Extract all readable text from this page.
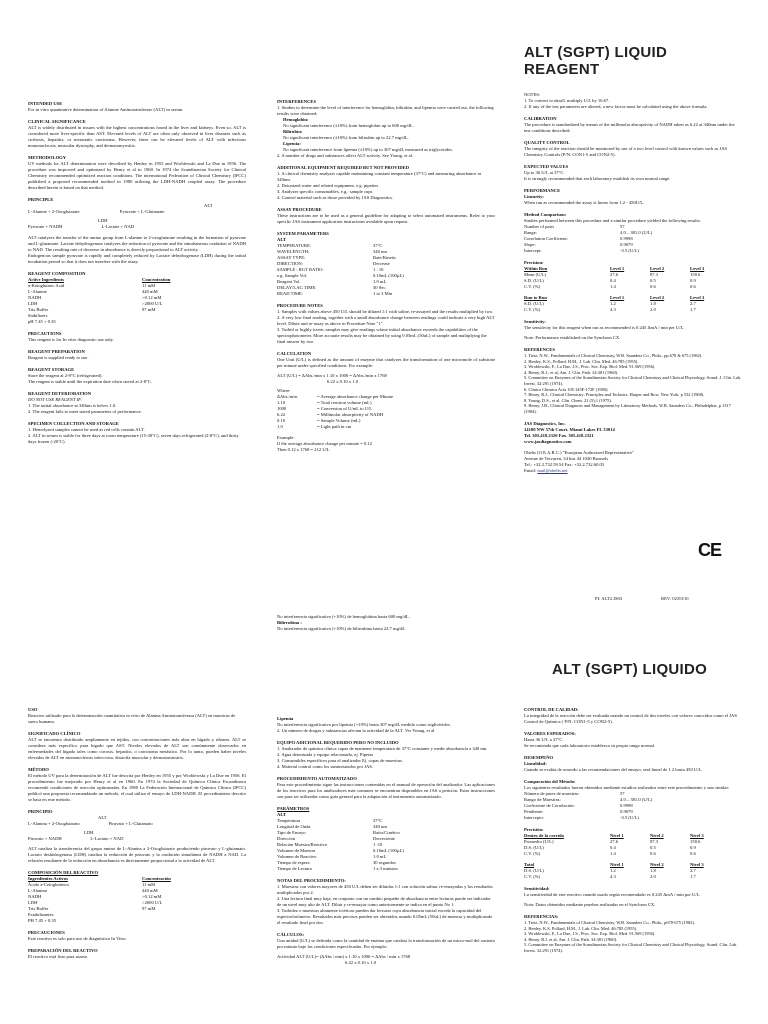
ALT (SGPT) LIQUID REAGENT

INTENDED USE

For in vitro quantitative determination of Alanine Aminotransferase (ALT) in serum.

CLINICAL SIGNIFICANCE

ALT is widely distributed in tissues with the highest concentrations found in the liver and kidneys. Even so, ALT is considered more liver-specific than AST. Elevated levels of ALT are often only observed in liver diseases such as cirrhosis, hepatitis, or metastatic carcinoma. However, there can be elevated levels of ALT with infectious mononucleosis, muscular dystrophy, and dermatomyositis.

METHODOLOGY

UV methods for ALT determination were described by Henley in 1955 and Wroblewski and La Due in 1956. The procedure was improved and optimized by Henry et al in 1960. In 1974 the Scandinavian Society for Clinical Chemistry recommended optimized reaction conditions. The international Federation of Clinical Chemistry (IFCC) published a proposed recommended method in 1980 utilizing the LDH-NADH coupled assay. The procedure described herein is based on that method.

PRINCIPLE

ALT

L-Alanine + 2-Oxoglutarate                                   Pyruvate + L-Glutamate

LDH

Pyruvate + NADH                                  L-Lactate + NAD

ALT catalyzes the transfer of the amino group from L-alanine to 2-oxoglutarate resulting in the formation of pyruvate and L-glutamate. Lactate dehydrogenase catalyzes the reduction of pyruvate and the simultaneous oxidation of NADH to NAD. The resulting rate of decrease in absorbance is directly proportional to ALT activity.

Endogenous sample pyruvate is rapidly and completely reduced by Lactate dehydrogenase (LDH) during the initial incubation period so that it does not interfere with the assay.

REAGENT COMPOSITION

Active Ingredients	Concentration
a-Ketoglutaric Acid	11 mM
L-Alanine	440 mM
NADH	>0.12 mM
LDH	>2000 U/L
Tris Buffer	97 mM
Stabilizers	
pH 7.45 + 0.35	

PRECAUTIONS

This reagent is for In vitro diagnostic use only.

REAGENT PREPARATION

Reagent is supplied ready to use.

REAGENT STORAGE

Store the reagent at 2-8°C (refrigerated).

The reagent is stable until the expiration date when stored at 2-8°C.

REAGENT DETERIORATION

DO NOT USE REAGENT IF:

1. The initial absorbance at 340nm is below 1.0.

2. The reagent fails to meet stated parameters of performance.

SPECIMEN COLLECTION AND STORAGE

1. Hemolyzed samples cannot be used as red cells contain ALT.

2. ALT in serum is stable for three days at room temperature (15-30°C), seven days refrigerated (2-8°C), and thirty days frozen (-20°C).

INTERFERENCES

1. Studies to determine the level of interference for hemoglobin, bilirubin, and lipemia were carried out, the following results were obtained:

Hemoglobin:

No significant interference (±10%) from hemoglobin up to 600 mg/dL.

Bilirubin:

No significant interference (±10%) from bilirubin up to 22.7 mg/dL.

Lipemia:

No significant interference from lipemia (±10%) up to 307 mg/dL measured as triglycerides.

2. A number of drugs and substances affect ALT activity. See Young, et al.

ADDITIONAL EQUIPMENT REQUIRED BUT NOT PROVIDED

1. A clinical chemistry analyzer capable maintaining constant temperature (37°C) and measuring absorbance at 340nm.

2. Deionized water and related equipment, e.g. pipettes

3. Analyzer specific consumables, e.g.: sample cups

4. Control material such as those provided by JAS Diagnostics.

ASSAY PROCEDURE

These instructions are to be used as a general guideline for adapting to select automated instruments. Refer to your specific JAS instrument application instructions available upon request.

SYSTEM PARAMETERS

ALT

TEMPERATURE:	37°C
WAVELENGTH:	340 nm
ASSAY TYPE:	Rate/Kinetic
DIRECTION:	Decrease
SAMPLE : RGT RATIO:	1 : 10
e.g. Sample Vol.	0.10mL (100µL)
Reagent Vol.	1.0 mL
DELAY/LAG TIME:	30 Sec.
READ TIME:	1 to 3 Min

PROCEDURE NOTES

1. Samples with values above 450 U/L should be diluted 1:1 with saline, re-assayed and the results multiplied by two.

2. A very low final reading, together with a small absorbance change between readings could indicate a very high ALT level. Dilute and re-assay as above in Procedure Note "1".

3. Turbid or highly icteric samples may give readings whose initial absorbance exceeds the capabilities of the spectrophotometer. More accurate results may be obtained by using 0.05mL (50uL) of sample and multiplying the final answer by two.

CALCULATION

One Unit (U/L) is defined as the amount of enzyme that catalyzes the transformation of one micromole of substrate per minute under specified conditions. For example:

ALT (U/L) = ΔAbs./min x 1.10 x 1000 = ΔAbs./min x 1768

6.22 x 0.10 x 1.0

Where:

ΔAbs./min.	= Average absorbance change per Minute
1.10	= Total reaction volume (mL)
1000	= Conversion of U/mL to U/L
6.22	= Millimolar absorptivity of NADH
0.10	= Sample Volume (mL)
1.0	= Light path in cm

Example:

If the average absorbance change per minute = 0.12

Then 0.12 x 1768 = 212 U/L

No interferencia significativa (+10%) de hemoglobina hasta 600 mg/dL.

Bilirrubina :

No interferencia significativa (+10%) de bilirrubina hasta 22.7 mg/dL

NOTES:

1. To convert to nkat/L multiply U/L by 16.67.

2. If any of the test parameters are altered, a new factor must be calculated using the above formula.

CALIBRATION

The procedure is standardized by means of the millimolar absorptivity of NADH taken as 6.22 at 340nm under the test conditions described.

QUALITY CONTROL

The integrity of the reaction should be monitored by use of a two level control with known values such as JAS Chemistry Controls (P/N: CON1-5 and CON2-5).

EXPECTED VALUES

Up to 36 U/L at 37°C

It is strongly recommended that each laboratory establish its own normal range.

PERFORMANCE

Linearity:

When run as recommended the assay is linear from 1.2 - 450U/L.

Method Comparison:

Studies performed between this procedure and a similar procedure yielded the following results:

Number of pairs	57
Range:	4.0 – 381.0 (U/L)
Correlation Coefficient:	0.9998
Slope:	0.9079
Intercept:	-3.5 (U/L)

Precision:

Within Run	Level 1	Level 2	Level 3
Mean (U/L)	27.6	87.3	158.6
S.D. (U/L)	0.4	0.5	0.9
C.V. (%)	1.4	0.6	0.6
Run to Run	Level 1	Level 2	Level 3
S.D. (U/L)	1.2	1.8	2.7
C.V. (%)	4.3	2.0	1.7

Sensitivity:

The sensitivity for this reagent when run as recommended is 0.245 ΔmA / min per U/L.

Note: Performance established on the Synchron CX.

REFERENCES

1. Tietz, N.W., Fundamentals of Clinical Chemistry, W.B. Saunders Co., Phila., pp 678 & 675 (1982).

2. Henley, K.S., Pollard, H.M., J. Lab. Clin. Med. 46:785 (1955).

3. Wroblewski, F., La Due, J.S., Proc. Soc. Exp. Biol. Med. 91:569 (1956).

4. Henry, R.J., et al, Am. J. Clin. Path. 34:381 (1960).

5. Committee on Enzymes of the Scandinavian Society for Clinical Chemistry and Clinical Physiology, Scand. J. Clin. Lab. Invest. 32:291 (1974).

6. Clinica Chimica Acta 105:145F-172F (1980).

7. Henry, R.J., Clinical Chemistry: Principles and Technics. Harper and Row, New York, p 532 (1968).

8. Young, D.S., et al, Clin. Chem. 21 (5):1 (1975).

9. Henry, J.B., Clinical Diagnosis and Management by Laboratory Methods, W.B. Saunders Co., Philadelphia, p 1317 (1984).

JAS Diagnostics, Inc.

14100 NW 57th Court. Miami Lakes FL 33014

Tel. 305.418.2320 Fax. 305.418.2321

www.jasdiagnostics.com

Obelis (O.E.A.R.C.) "European Authorized Representative"

Avenue de Tervuren, 34 bus 44 1040 Brussels

Tel.: +32.2.732.59.54 Fax: +32.2.732.60.03

Email: mail@obelis.net

CE
PI: ALT2.JS03	REV: 02/03/10
ALT (SGPT) LIQUIDO

USO

Reactivo utilizado para la determinación cuantitativa in vitro de Alanina Aminotransferasa (ALT) en muestras de suero humano.

SIGNIFICADO CLÍNICO

ALT se encuentra distribuido ampliamente en tejidos, con concentraciones más altas en hígado y riñones. ALT se considera más específico para hígado que AST. Niveles elevados de ALT son comúnmente observados en enfermedades del hígado tales como cirrosis, hepatitis, o carcinoma metástico. Por lo tanto, pueden haber niveles elevados de ALT en mononucleosis infecciosa, distrofia muscular y dermatomiositis.

MÉTODO

El método UV para la determinación de ALT fue descrita por Henley en 1955 y por Wroblewski y La Due en 1956. El procedimiento fue mejorado por Henry et al en 1960. En 1974 la Sociedad de Química Clínica Escandinava recomendó condiciones de reacción optimizadas. En 1980 La Federación Internacional de Química Clínica (IFCC) publicó una propuesta recomendando un método, el cual utiliza el ensayo de LDH-NADH. El procedimiento descrito se basa en este método.

PRINCIPIO

ALT

L-Alanina + 2-Oxoglutarato                         Piruvato + L-Glutamato

LDH

Piruvato + NADH                         L-Lactato + NAD

ALT cataliza la transferencia del grupo amino de L-Alanina a 2-Oxoglutarato produciendo piruvato y L-glutamato. Lactato deshidrogenasa (LDH) cataliza la reducción de piruvato y la oxidación simultánea de NADH a NAD. La relación resultante de la reducción en absorbancia es directamente proporcional a la actividad de ALT.

COMPOSICIÓN DEL REACTIVO

Ingredientes Activos	Concentración
Ácido a-Cetoglutárico	11 mM
L-Alanina	440 mM
NADH	>0.12 mM
LDH	>2000 U/L
Tris Buffer	97 mM
Estabilizantes	
PH 7.45 + 0.35	

PRECAUCIONES

Este reactivo es solo para uso de diagnóstico In Vitro.

PREPARACIÓN DEL REACTIVO

El reactivo está listo para usarse.

Lipemia

No interferencia significativa por lipemia (+10%) hasta 307 mg/dL medido como triglicéridos.

2. Un número de drogas y substancias afectan la actividad de la ALT. Ver Young, et al

EQUIPO ADICIONAL REQUERIDO PERO NO INCLUIDO

1. Analizador de química clínica capaz de mantener temperatura de 37°C constante y medir absorbancia a 340 nm.

2. Agua deionizada y equipo relacionado, ej. Pipetas

3. Consumibles específicos para el analizador Ej. copas de muestras.

4. Material control como los suministrados por JAS.

PROCEDIMIENTO AUTOMATIZADO

Para este procedimiento sigue las instrucciones contenidas en el manual de operación del analizador. Las aplicaciones de los reactivos para los analizadores más comunes se encuentran disponibles en JAS a petición. Estas instrucciones son para ser utilizadas como guía general para la adaptación al instrumento automatizado.

PARÁMETROS

ALT

Temperatura	37°C
Longitud de Onda	340 nm
Tipo de Ensayo	Ratio/Cinético
Dirección	Decreciente
Relación Muestra/Reactivo	1 :10
Volumen de Muestra	0.10mL (100µL)
Volumen de Reactivo	1.0 mL
Tiempo de espera	30 segundos
Tiempo de Lectura	1 a 3 minutos

NOTAS DEL PROCEDIMIENTO:

1. Muestras con valores mayores de 450 U/L deben ser diluidas 1:1 con solución salina, re-ensayadas y los resultados multiplicados por 2.

2. Una lectura final muy baja, en conjunto con un cambio pequeño de absorbancia entre lecturas puede ser indicador de un nivel muy alto de ALT. Diluir y re-ensayar como anteriormente se indica en el punto No 1.

3. Turbidez o muestras altamente ictéricas pueden dar lecturas cuya absorbancia inicial exceda la capacidad del espectrofotómetro. Resultados más precisos pueden ser obtenidos usando 0.05mL (50uL) de muestra y multiplicando el resultado final por dos.

CÁLCULOS:

Una unidad (U/L) se definida como la cantidad de enzima que cataliza la transformación de un micro-mol del sustrato por minuto bajo las condiciones especificadas. Por ejemplo:

Actividad ALT (U/L)= (ΔAbs / min) x 1.10 x 1000 = ΔAbs / min x 1768

6.22 x 0.10 x 1.0

CONTROL DE CALIDAD:

La integridad de la reacción debe ser evaluada usando un control de dos niveles con valores conocidos como el JAS Control de Química ( P/N: CON1-5 y CON2-5).

VALORES ESPERADOS:

Hasta 36 U/L a 37°C

Se recomienda que cada laboratorio establezca su propio rango normal.

DESEMPEÑO

Linealidad:

Cuando se evalúa de acuerdo a las recomendaciones del ensayo, será lineal de 1.2 hasta 450 U/L.

Comparación del Método:

Los siguientes resultados fueron obtenidos mediante estudios realizados entre este procedimiento y uno similar:

Número de pares de muestras:	57
Rango de Muestras:	4.0 – 381.0 (U/L)
Coeficiente de Correlación:	0.9998
Pendiente:	0.9079
Intercepto:	-3.5 (U/L)

Precisión:

Dentro de la corrida	Nivel 1	Nivel 2	Nivel 3
Promedio (U/L)	27.6	87.3	158.6
D.S. (U/L)	0.4	0.5	0.9
C.V. (%)	1.4	0.6	0.6
Total	Nivel 1	Nivel 2	Nivel 3
D.S. (U/L)	1.2	1.8	2.7
C.V. (%)	4.3	2.0	1.7

Sensitividad:

La sensitividad de este reactivo cuando usado según recomendado es 0.245 ΔmA / min por U/L.

Nota: Datos obtenidos mediante pruebas realizadas en el Synchron CX.

REFERENCIAS:

1. Tietz, N.W., Fundamentals of Clinical Chemistry, W.B. Saunders Co., Phila., p678-675 (1982).

2. Henley, K.S. Pollard, H.M., J. Lab. Clin. Med. 46:785 (1955).

3. Wroblewski, F., La Due, J.S., Proc. Soc. Exp. Biol. Med. 91:569 (1956).

4. Henry, R.J. et al, Am. J. Clin. Path. 34:381 (1960).

5. Committee on Enzymes of the Scandinavian Society for Clinical Chemistry and Clinical Physiology, Scand. Clin. Lab. Invest. 32:291 (1974).
